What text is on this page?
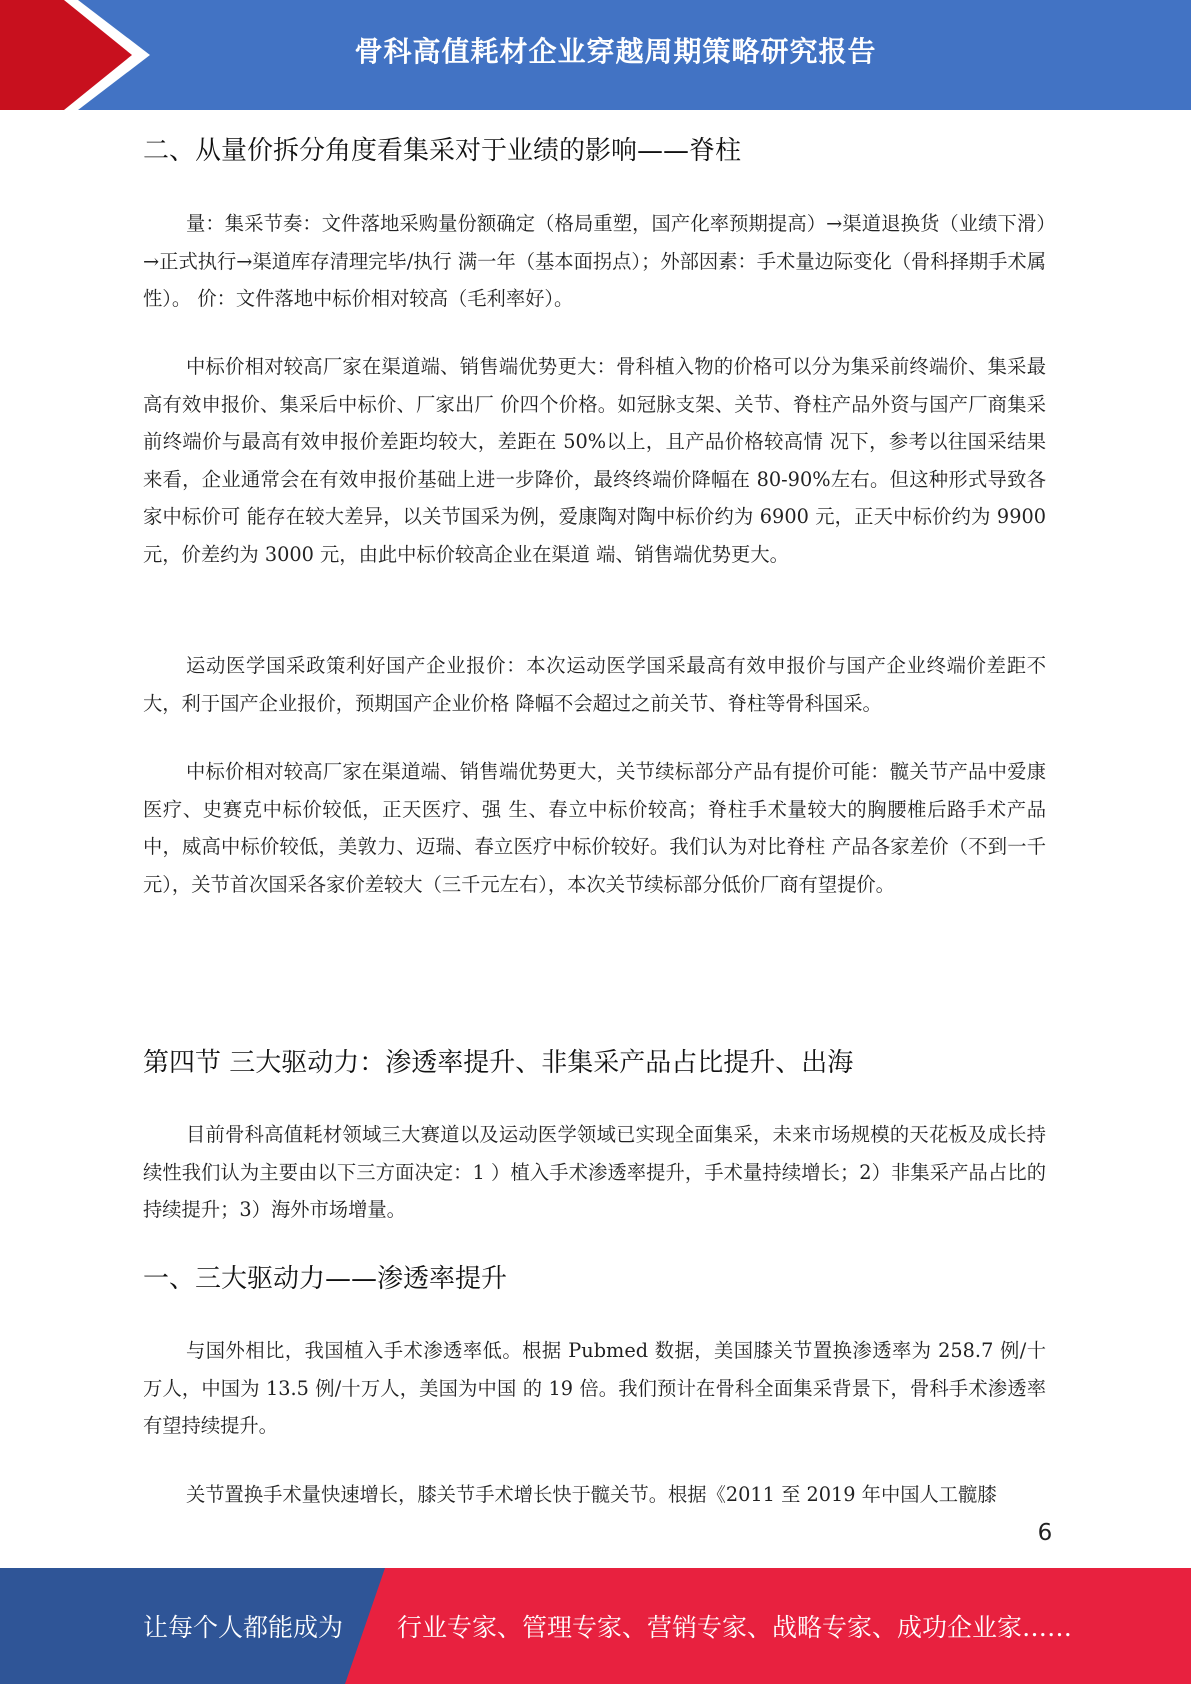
骨科高值耗材企业穿越周期策略研究报告
二、从量价拆分角度看集采对于业绩的影响——脊柱

量：集采节奏：文件落地采购量份额确定（格局重塑，国产化率预期提高）→渠道退换货（业绩下滑）→正式执行→渠道库存清理完毕/执行 满一年（基本面拐点）；外部因素：手术量边际变化（骨科择期手术属性）。 价：文件落地中标价相对较高（毛利率好）。

中标价相对较高厂家在渠道端、销售端优势更大：骨科植入物的价格可以分为集采前终端价、集采最高有效申报价、集采后中标价、厂家出厂 价四个价格。如冠脉支架、关节、脊柱产品外资与国产厂商集采前终端价与最高有效申报价差距均较大，差距在 50%以上，且产品价格较高情 况下，参考以往国采结果来看，企业通常会在有效申报价基础上进一步降价，最终终端价降幅在 80-90%左右。但这种形式导致各家中标价可 能存在较大差异，以关节国采为例，爱康陶对陶中标价约为 6900 元，正天中标价约为 9900 元，价差约为 3000 元，由此中标价较高企业在渠道 端、销售端优势更大。

运动医学国采政策利好国产企业报价：本次运动医学国采最高有效申报价与国产企业终端价差距不大，利于国产企业报价，预期国产企业价格 降幅不会超过之前关节、脊柱等骨科国采。

中标价相对较高厂家在渠道端、销售端优势更大，关节续标部分产品有提价可能：髋关节产品中爱康医疗、史赛克中标价较低，正天医疗、强 生、春立中标价较高；脊柱手术量较大的胸腰椎后路手术产品中，威高中标价较低，美敦力、迈瑞、春立医疗中标价较好。我们认为对比脊柱 产品各家差价（不到一千元），关节首次国采各家价差较大（三千元左右），本次关节续标部分低价厂商有望提价。

第四节 三大驱动力：渗透率提升、非集采产品占比提升、出海

目前骨科高值耗材领域三大赛道以及运动医学领域已实现全面集采，未来市场规模的天花板及成长持续性我们认为主要由以下三方面决定：1 ）植入手术渗透率提升，手术量持续增长；2）非集采产品占比的持续提升；3）海外市场增量。

一、三大驱动力——渗透率提升

与国外相比，我国植入手术渗透率低。根据 Pubmed 数据，美国膝关节置换渗透率为 258.7 例/十万人，中国为 13.5 例/十万人，美国为中国 的 19 倍。我们预计在骨科全面集采背景下，骨科手术渗透率有望持续提升。

关节置换手术量快速增长，膝关节手术增长快于髋关节。根据《2011 至 2019 年中国人工髋膝

6
让每个人都能成为 行业专家、管理专家、营销专家、战略专家、成功企业家……
